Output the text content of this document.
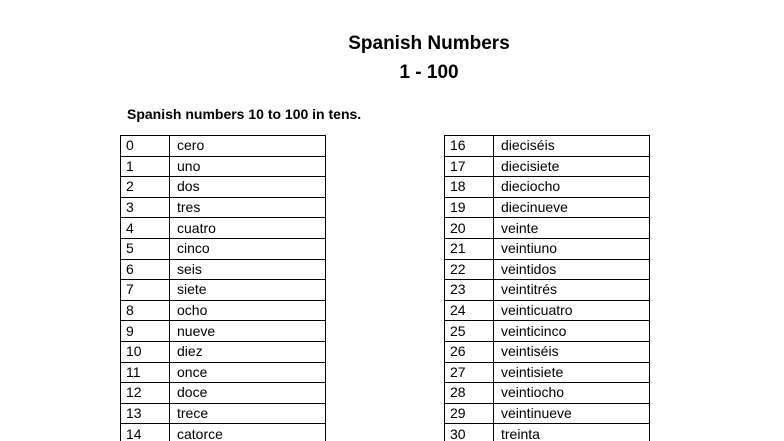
Spanish Numbers
1 - 100
Spanish numbers 10 to 100 in tens.
0	cero
1	uno
2	dos
3	tres
4	cuatro
5	cinco
6	seis
7	siete
8	ocho
9	nueve
10	diez
11	once
12	doce
13	trece
14	catorce
16	dieciséis
17	diecisiete
18	dieciocho
19	diecinueve
20	veinte
21	veintiuno
22	veintidos
23	veintitrés
24	veinticuatro
25	veinticinco
26	veintiséis
27	veintisiete
28	veintiocho
29	veintinueve
30	treinta
